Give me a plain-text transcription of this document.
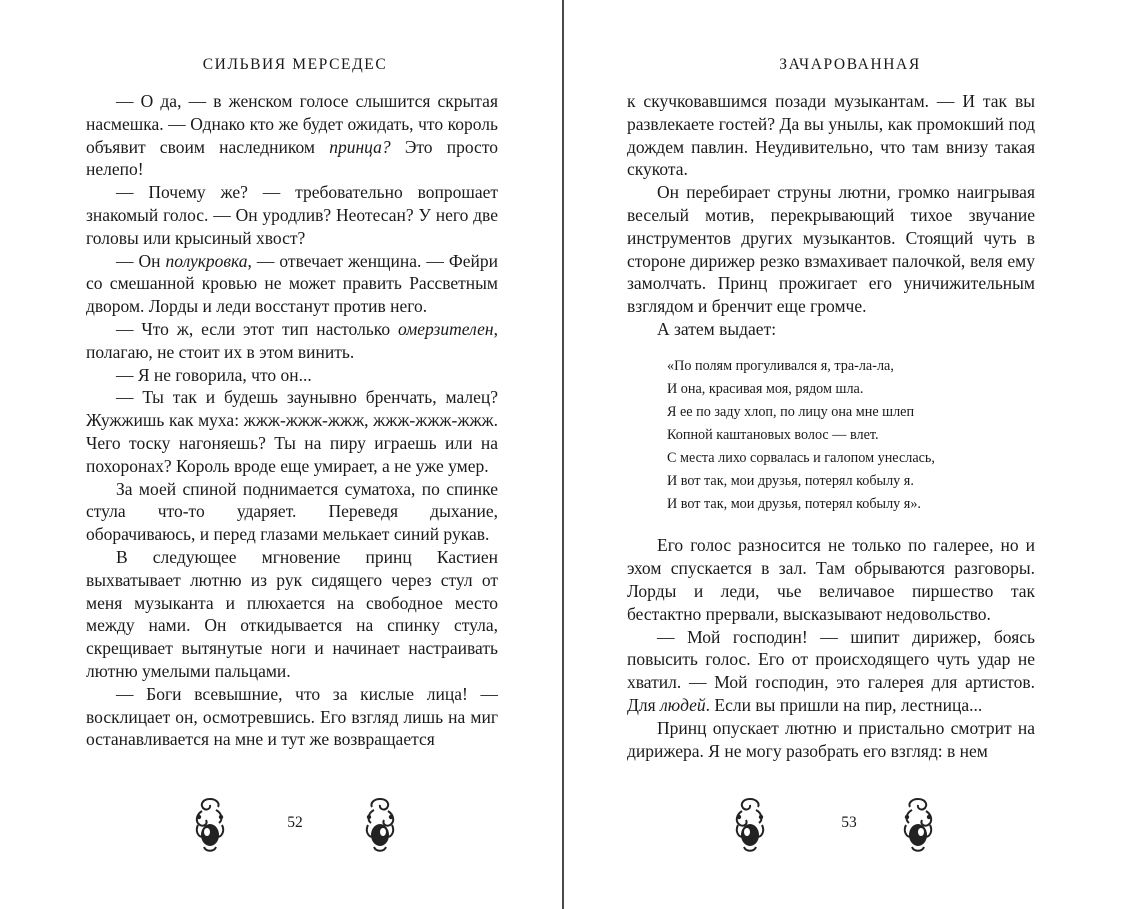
СИЛЬВИЯ МЕРСЕДЕС

— О да, — в женском голосе слышится скрытая насмешка. — Однако кто же будет ожидать, что король объявит своим наследником принца? Это просто нелепо!

— Почему же? — требовательно вопрошает знакомый голос. — Он уродлив? Неотесан? У него две головы или крысиный хвост?

— Он полукровка, — отвечает женщина. — Фейри со смешанной кровью не может править Рассветным двором. Лорды и леди восстанут против него.

— Что ж, если этот тип настолько омерзителен, полагаю, не стоит их в этом винить.

— Я не говорила, что он...

— Ты так и будешь заунывно бренчать, малец? Жужжишь как муха: жжж-жжж-жжж, жжж-жжж-жжж. Чего тоску нагоняешь? Ты на пиру играешь или на похоронах? Король вроде еще умирает, а не уже умер.

За моей спиной поднимается суматоха, по спинке стула что-то ударяет. Переведя дыхание, оборачиваюсь, и перед глазами мелькает синий рукав.

В следующее мгновение принц Кастиен выхватывает лютню из рук сидящего через стул от меня музыканта и плюхается на свободное место между нами. Он откидывается на спинку стула, скрещивает вытянутые ноги и начинает настраивать лютню умелыми пальцами.

— Боги всевышние, что за кислые лица! — восклицает он, осмотревшись. Его взгляд лишь на миг останавливается на мне и тут же возвращается

52
ЗАЧАРОВАННАЯ

к скучковавшимся позади музыкантам. — И так вы развлекаете гостей? Да вы унылы, как промокший под дождем павлин. Неудивительно, что там внизу такая скукота.

Он перебирает струны лютни, громко наигрывая веселый мотив, перекрывающий тихое звучание инструментов других музыкантов. Стоящий чуть в стороне дирижер резко взмахивает палочкой, веля ему замолчать. Принц прожигает его уничижительным взглядом и бренчит еще громче.

А затем выдает:

«По полям прогуливался я, тра-ла-ла,
И она, красивая моя, рядом шла.
Я ее по заду хлоп, по лицу она мне шлеп
Копной каштановых волос — влет.
С места лихо сорвалась и галопом унеслась,
И вот так, мои друзья, потерял кобылу я.
И вот так, мои друзья, потерял кобылу я».

Его голос разносится не только по галерее, но и эхом спускается в зал. Там обрываются разговоры. Лорды и леди, чье величавое пиршество так бестактно прервали, высказывают недовольство.

— Мой господин! — шипит дирижер, боясь повысить голос. Его от происходящего чуть удар не хватил. — Мой господин, это галерея для артистов. Для людей. Если вы пришли на пир, лестница...

Принц опускает лютню и пристально смотрит на дирижера. Я не могу разобрать его взгляд: в нем

53
